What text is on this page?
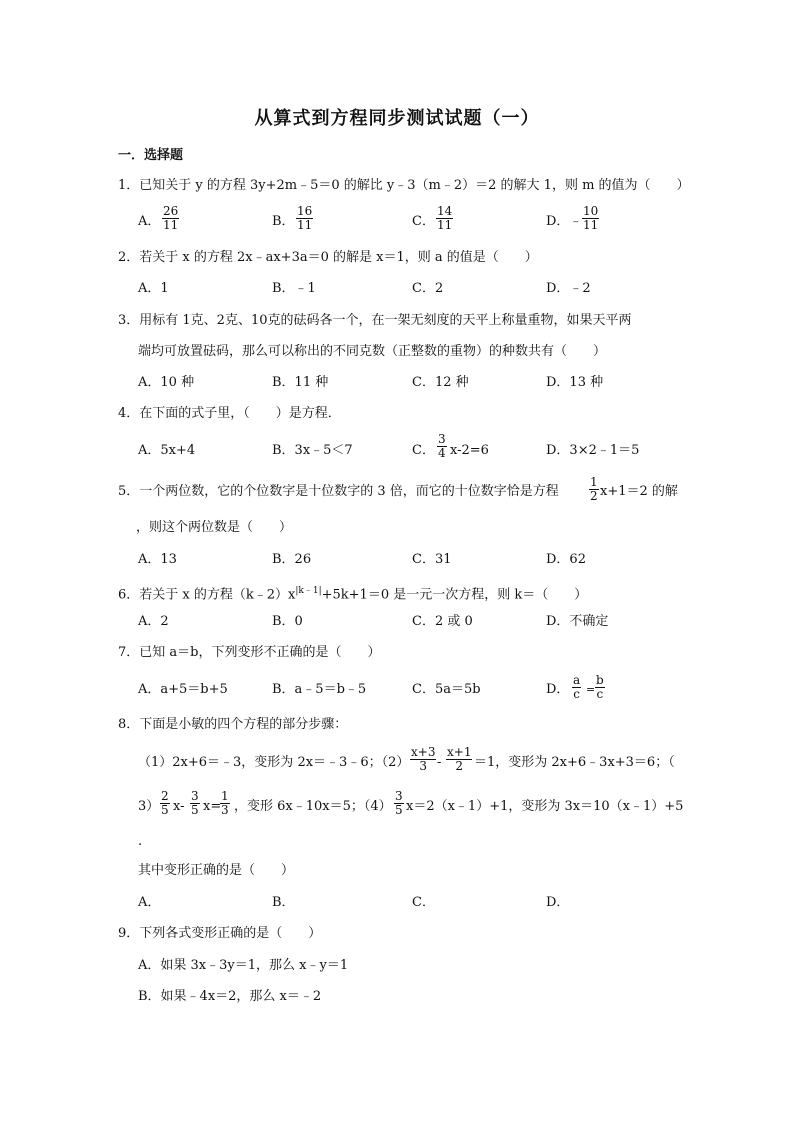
从算式到方程同步测试试题（一）
一．选择题
1．已知关于 y 的方程 3y+2m﹣5＝0 的解比 y﹣3（m﹣2）＝2 的解大 1，则 m 的值为（　　）
A． $\frac{26}{11}$	B． $\frac{16}{11}$	C． $\frac{14}{11}$	D．﹣ $\frac{10}{11}$
2．若关于 x 的方程 2x﹣ax+3a＝0 的解是 x＝1，则 a 的值是（　　）
A．1	B．﹣1	C．2	D．﹣2
3．用标有 1克、2克、10克的砝码各一个，在一架无刻度的天平上称量重物，如果天平两
端均可放置砝码，那么可以称出的不同克数（正整数的重物）的种数共有（　　）
A．10 种	B．11 种	C．12 种	D．13 种
4．在下面的式子里，（　　）是方程．
A．5x+4	B．3x﹣5＜7	C． $\frac{3}{4} x-2=6$	D．3×2﹣1＝5
5．一个两位数，它的个位数字是十位数字的 3 倍，而它的十位数字恰是方程	$\frac{1}{2} x+1=2$ 的解
，则这个两位数是（　　）
A．13	B．26	C．31	D．62
6．若关于 x 的方程$(k﹣2)x^{|k﹣1|}+5k+1=0$ 是一元一次方程，则 k＝（　　）
A．2	B．0	C．2 或 0	D．不确定
7．已知 a＝b，下列变形不正确的是（　　）
A．a+5＝b+5	B．a﹣5＝b﹣5	C．5a＝5b	D． $\frac{a}{c} = \frac{b}{c}$
8．下面是小敏的四个方程的部分步骤：
（1）2x+6＝﹣3，变形为 2x＝﹣3﹣6；$(2) \frac{x+3}{3} - \frac{x+1}{2} =1$，变形为 2x+6﹣3x+3＝6；（
$3) \frac{2}{5} x- \frac{3}{5} x=$
$\frac{1}{3}$ ，变形 6x﹣10x＝5；$(4) \frac{3}{5}$ x＝2（x﹣1）+1，变形为 3x＝10（x﹣1）+5
.
其中变形正确的是（　　）
A．	B．	C．	D．
9．下列各式变形正确的是（　　）
A．如果 3x﹣3y＝1，那么 x﹣y＝1
B．如果﹣4x＝2，那么 x＝﹣2
